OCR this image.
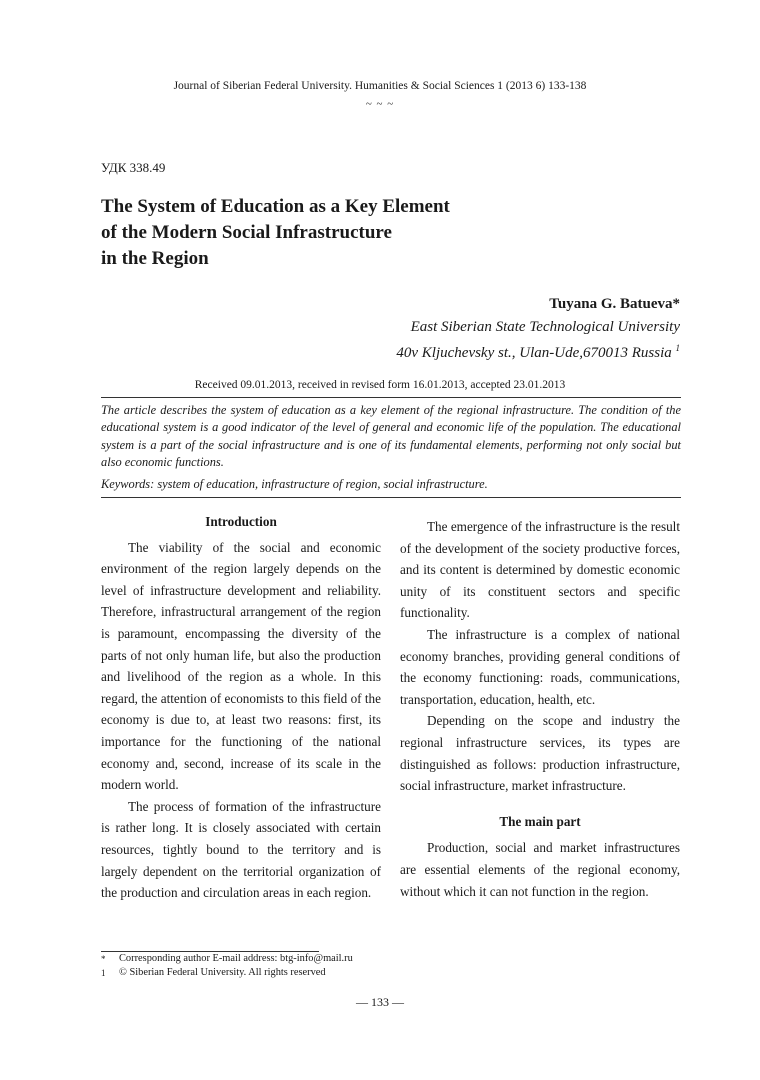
Journal of Siberian Federal University. Humanities & Social Sciences 1 (2013 6) 133-138
~ ~ ~
УДК 338.49
The System of Education as a Key Element
of the Modern Social Infrastructure
in the Region
Tuyana G. Batueva*
East Siberian State Technological University
40v Kljuchevsky st., Ulan-Ude,670013 Russia $^1$
Received 09.01.2013, received in revised form 16.01.2013, accepted 23.01.2013
The article describes the system of education as a key element of the regional infrastructure. The condition of the educational system is a good indicator of the level of general and economic life of the population. The educational system is a part of the social infrastructure and is one of its fundamental elements, performing not only social but also economic functions.
Keywords: system of education, infrastructure of region, social infrastructure.
Introduction

The viability of the social and economic environment of the region largely depends on the level of infrastructure development and reliability. Therefore, infrastructural arrangement of the region is paramount, encompassing the diversity of the parts of not only human life, but also the production and livelihood of the region as a whole. In this regard, the attention of economists to this field of the economy is due to, at least two reasons: first, its importance for the functioning of the national economy and, second, increase of its scale in the modern world.

The process of formation of the infrastructure is rather long. It is closely associated with certain resources, tightly bound to the territory and is largely dependent on the territorial organization of the production and circulation areas in each region.

The emergence of the infrastructure is the result of the development of the society productive forces, and its content is determined by domestic economic unity of its constituent sectors and specific functionality.

The infrastructure is a complex of national economy branches, providing general conditions of the economy functioning: roads, communications, transportation, education, health, etc.

Depending on the scope and industry the regional infrastructure services, its types are distinguished as follows: production infrastructure, social infrastructure, market infrastructure.

The main part

Production, social and market infrastructures are essential elements of the regional economy, without which it can not function in the region.

* Corresponding author E-mail address: btg-info@mail.ru
1 © Siberian Federal University. All rights reserved
— 133 —
